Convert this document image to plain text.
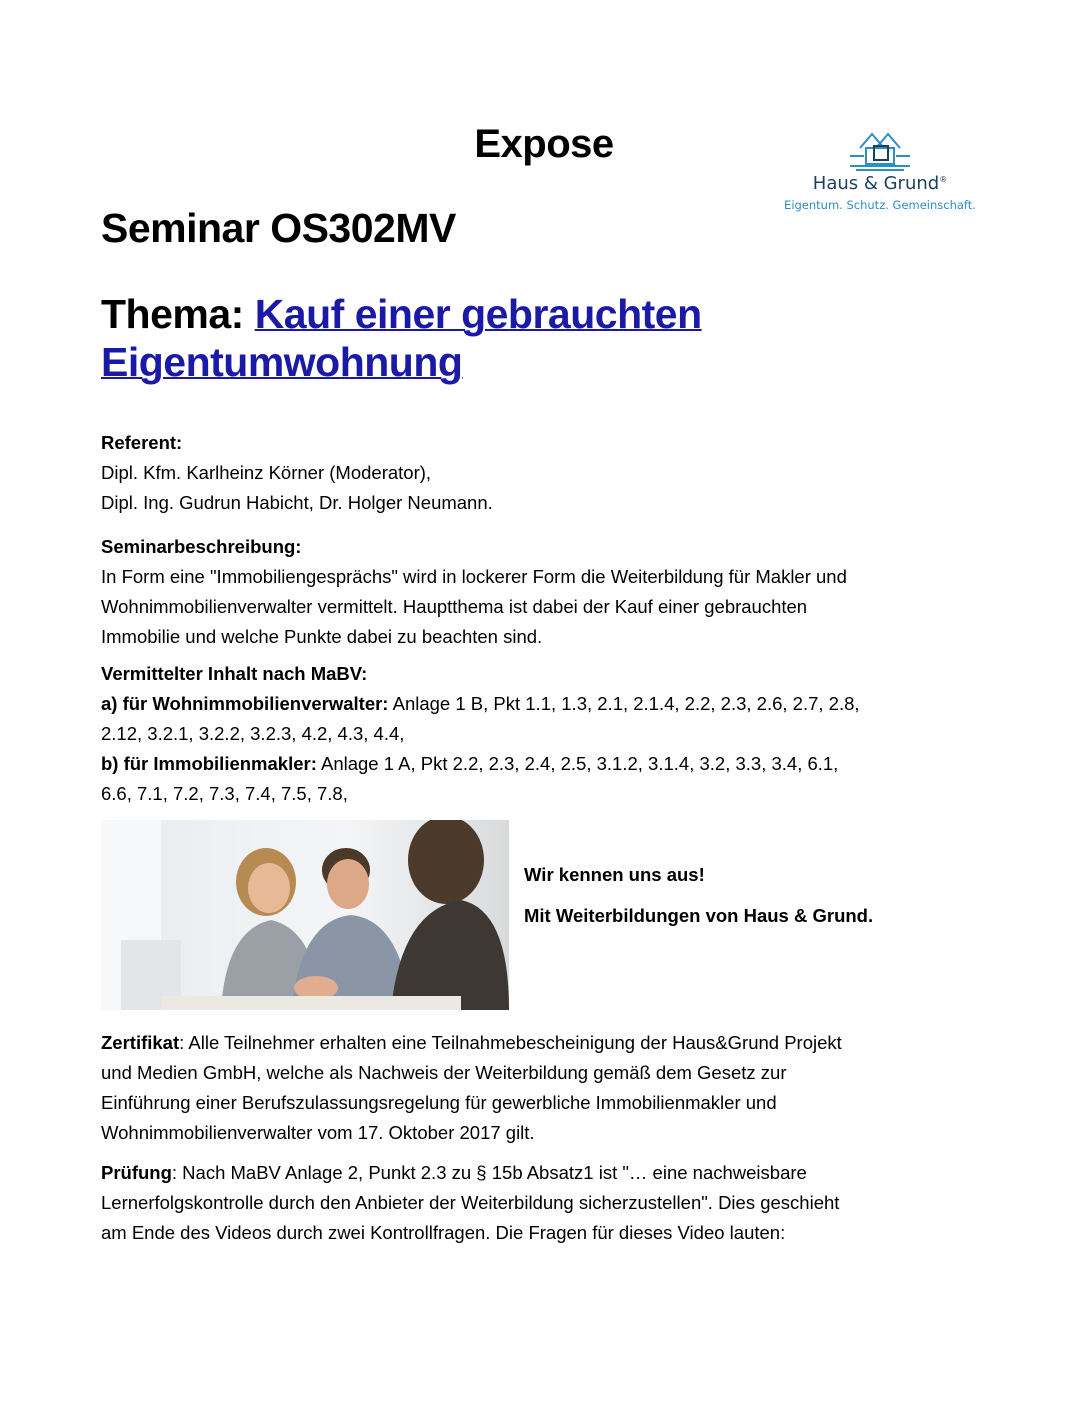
Expose
Haus & Grund®
Eigentum. Schutz. Gemeinschaft.
Seminar OS302MV
Thema: Kauf einer gebrauchten
Eigentumwohnung
Referent:
Dipl. Kfm. Karlheinz Körner (Moderator),
Dipl. Ing. Gudrun Habicht, Dr. Holger Neumann.
Seminarbeschreibung:
In Form eine "Immobiliengesprächs" wird in lockerer Form die Weiterbildung für Makler und
Wohnimmobilienverwalter vermittelt. Hauptthema ist dabei der Kauf einer gebrauchten
Immobilie und welche Punkte dabei zu beachten sind.
Vermittelter Inhalt nach MaBV:
a) für Wohnimmobilienverwalter: Anlage 1 B, Pkt 1.1, 1.3, 2.1, 2.1.4, 2.2, 2.3, 2.6, 2.7, 2.8,
2.12, 3.2.1, 3.2.2, 3.2.3, 4.2, 4.3, 4.4,
b) für Immobilienmakler: Anlage 1 A, Pkt 2.2, 2.3, 2.4, 2.5, 3.1.2, 3.1.4, 3.2, 3.3, 3.4, 6.1,
6.6, 7.1, 7.2, 7.3, 7.4, 7.5, 7.8,
Wir kennen uns aus!
Mit Weiterbildungen von Haus & Grund.
Zertifikat: Alle Teilnehmer erhalten eine Teilnahmebescheinigung der Haus&Grund Projekt
und Medien GmbH, welche als Nachweis der Weiterbildung gemäß dem Gesetz zur
Einführung einer Berufszulassungsregelung für gewerbliche Immobilienmakler und
Wohnimmobilienverwalter vom 17. Oktober 2017 gilt.
Prüfung: Nach MaBV Anlage 2, Punkt 2.3 zu § 15b Absatz1 ist "… eine nachweisbare
Lernerfolgskontrolle durch den Anbieter der Weiterbildung sicherzustellen". Dies geschieht
am Ende des Videos durch zwei Kontrollfragen. Die Fragen für dieses Video lauten:
